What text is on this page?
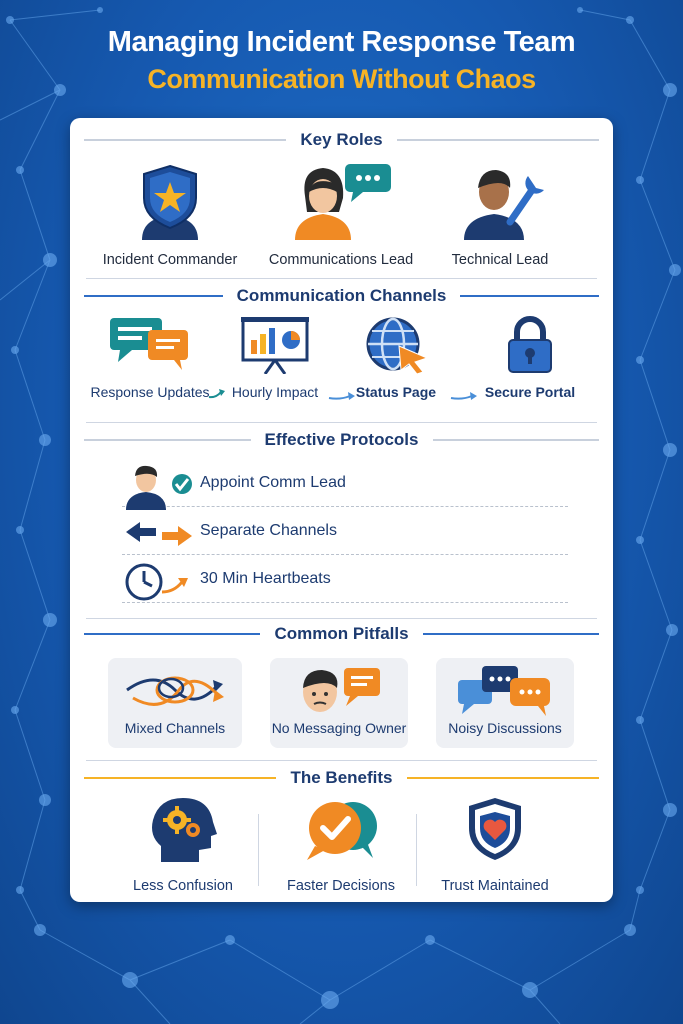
Managing Incident Response Team
Communication Without Chaos
Key Roles
Incident Commander Communications Lead	Technical Lead
Communication Channels
Response Updates	Hourly Impact	Status Page	Secure Portal
Effective Protocols
Appoint Comm Lead
Separate Channels
30 Min Heartbeats
Common Pitfalls
Mixed Channels	No Messaging Owner	Noisy Discussions
The Benefits
Less Confusion	Faster Decisions	Trust Maintained
